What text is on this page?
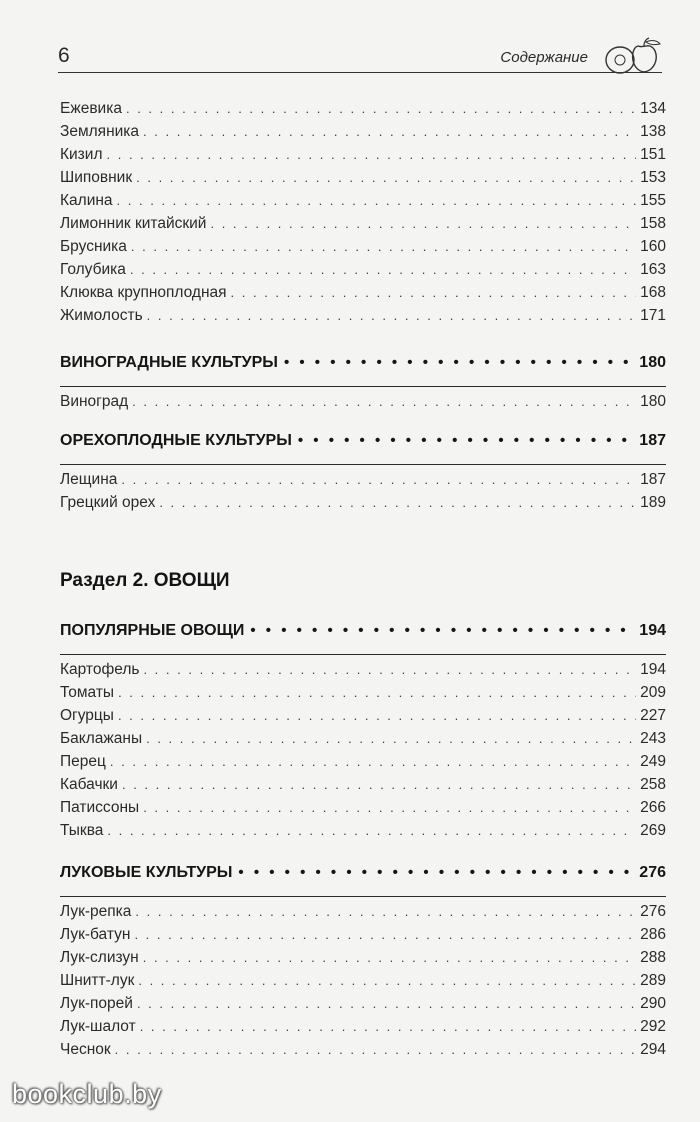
6	Содержание
Ежевика . . .	134
Земляника . . .	138
Кизил . . .	151
Шиповник . . .	153
Калина . . .	155
Лимонник китайский . . .	158
Брусника . . .	160
Голубика . . .	163
Клюква крупноплодная . . .	168
Жимолость . . .	171
ВИНОГРАДНЫЕ КУЛЬТУРЫ • • •	180
Виноград . . .	180
ОРЕХОПЛОДНЫЕ КУЛЬТУРЫ • • •	187
Лещина . . .	187
Грецкий орех . . .	189
Раздел 2. ОВОЩИ
ПОПУЛЯРНЫЕ ОВОЩИ • • •	194
Картофель . . .	194
Томаты . . .	209
Огурцы . . .	227
Баклажаны . . .	243
Перец . . .	249
Кабачки . . .	258
Патиссоны . . .	266
Тыква . . .	269
ЛУКОВЫЕ КУЛЬТУРЫ • • •	276
Лук-репка . . .	276
Лук-батун . . .	286
Лук-слизун . . .	288
Шнитт-лук . . .	289
Лук-порей . . .	290
Лук-шалот . . .	292
Чеснок . . .	294
bookclub.by
